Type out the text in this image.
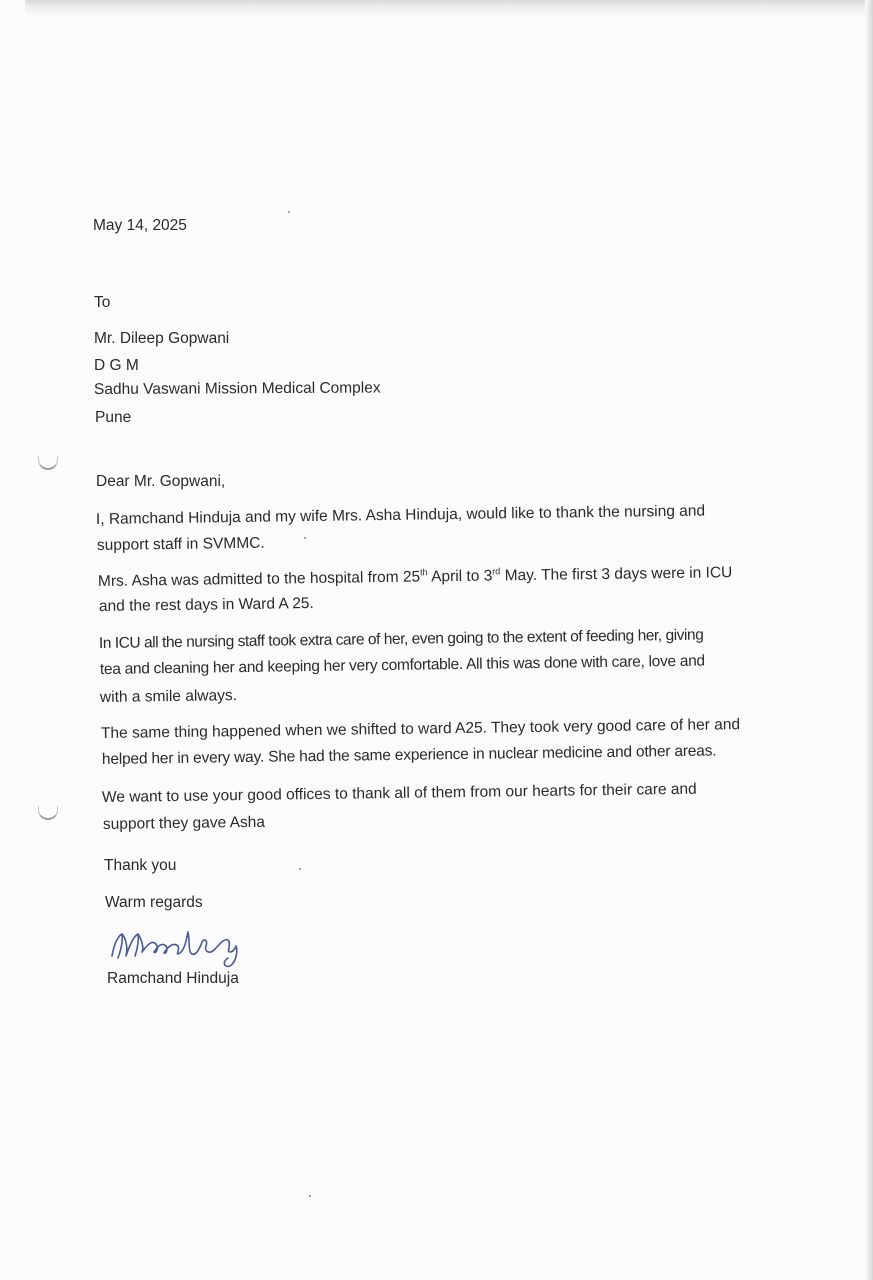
May 14, 2025

To

Mr. Dileep Gopwani

D G M

Sadhu Vaswani Mission Medical Complex

Pune

Dear Mr. Gopwani,

I, Ramchand Hinduja and my wife Mrs. Asha Hinduja, would like to thank the nursing and

support staff in SVMMC.

Mrs. Asha was admitted to the hospital from 25th April to 3rd May. The first 3 days were in ICU

and the rest days in Ward A 25.

In ICU all the nursing staff took extra care of her, even going to the extent of feeding her, giving

tea and cleaning her and keeping her very comfortable. All this was done with care, love and

with a smile always.

The same thing happened when we shifted to ward A25. They took very good care of her and

helped her in every way. She had the same experience in nuclear medicine and other areas.

We want to use your good offices to thank all of them from our hearts for their care and

support they gave Asha

Thank you

Warm regards

Ramchand Hinduja
